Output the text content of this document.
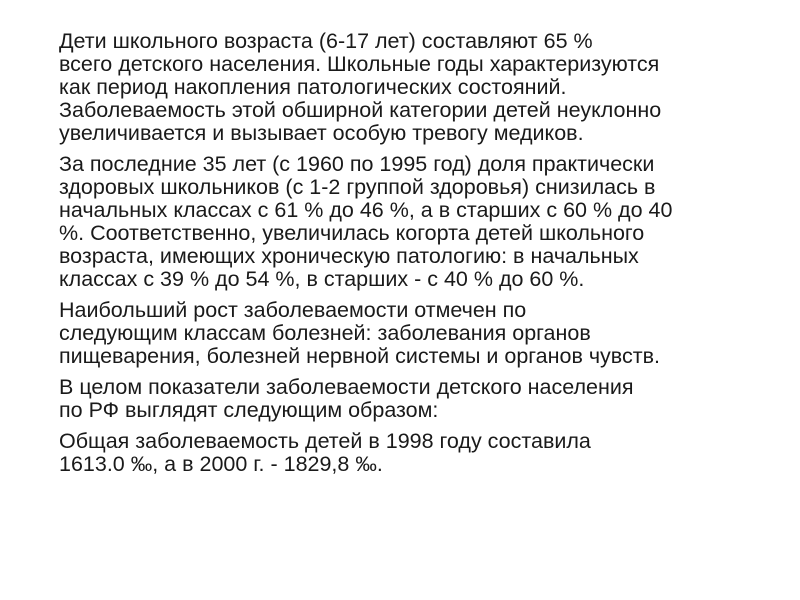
Дети школьного возраста (6-17 лет) составляют 65 %
всего детского населения. Школьные годы характеризуются
как период накопления патологических состояний.
Заболеваемость этой обширной категории детей неуклонно
увеличивается и вызывает особую тревогу медиков.

За последние 35 лет (с 1960 по 1995 год) доля практически
здоровых школьников (с 1-2 группой здоровья) снизилась в
начальных классах с 61 % до 46 %, а в старших с 60 % до 40
%. Соответственно, увеличилась когорта детей школьного
возраста, имеющих хроническую патологию: в начальных
классах с 39 % до 54 %, в старших - с 40 % до 60 %.

Наибольший рост заболеваемости отмечен по
следующим классам болезней: заболевания органов
пищеварения, болезней нервной системы и органов чувств.

В целом показатели заболеваемости детского населения
по РФ выглядят следующим образом:

Общая заболеваемость детей в 1998 году составила
1613.0 ‰, а в 2000 г. - 1829,8 ‰.
